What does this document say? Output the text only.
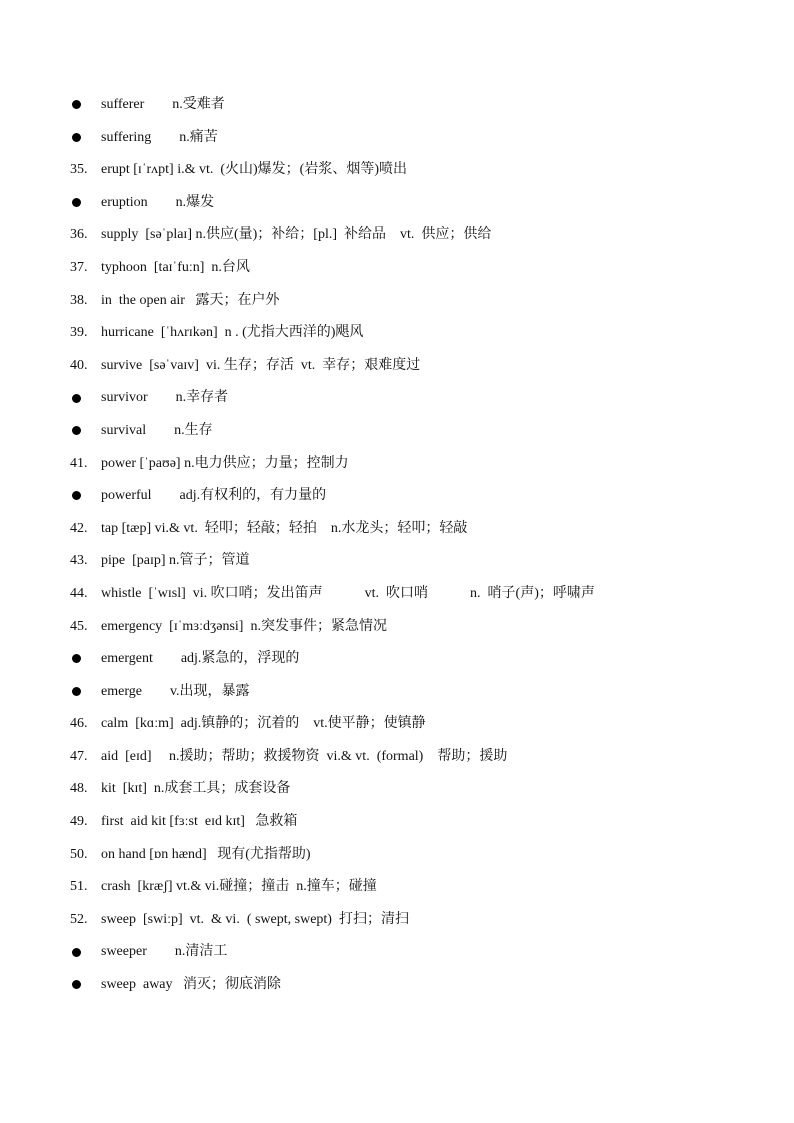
sufferer        n.受难者
suffering        n.痛苦
35. erupt [ɪˈrʌpt] i.& vt.  (火山)爆发；(岩浆、烟等)喷出
eruption        n.爆发
36. supply  [səˈplaɪ] n.供应(量)；补给；[pl.]  补给品    vt.  供应；供给
37. typhoon  [taɪˈfuːn]  n.台风
38. in  the open air   露天；在户外
39. hurricane  [ˈhʌrɪkən]  n . (尤指大西洋的)飓风
40. survive  [səˈvaɪv]  vi. 生存；存活  vt.  幸存；艰难度过
survivor        n.幸存者
survival        n.生存
41. power [ˈpaʊə] n.电力供应；力量；控制力
powerful        adj.有权利的，有力量的
42. tap [tæp] vi.& vt.  轻叩；轻敲；轻拍    n.水龙头；轻叩；轻敲
43. pipe  [paɪp] n.管子；管道
44. whistle  [ˈwɪsl]  vi. 吹口哨；发出笛声            vt.  吹口哨            n.  哨子(声)；呼啸声
45. emergency  [ɪˈmɜːdʒənsi]  n.突发事件；紧急情况
emergent        adj.紧急的，浮现的
emerge        v.出现，暴露
46. calm  [kɑːm]  adj.镇静的；沉着的    vt.使平静；使镇静
47. aid  [eɪd]     n.援助；帮助；救援物资  vi.& vt.  (formal)    帮助；援助
48. kit  [kɪt]  n.成套工具；成套设备
49. first  aid kit [fɜːst  eɪd kɪt]   急救箱
50. on hand [ɒn hænd]   现有(尤指帮助)
51. crash  [kræʃ] vt.& vi.碰撞；撞击  n.撞车；碰撞
52. sweep  [swiːp]  vt.  & vi.  ( swept, swept)  打扫；清扫
sweeper        n.清洁工
sweep  away   消灭；彻底消除
